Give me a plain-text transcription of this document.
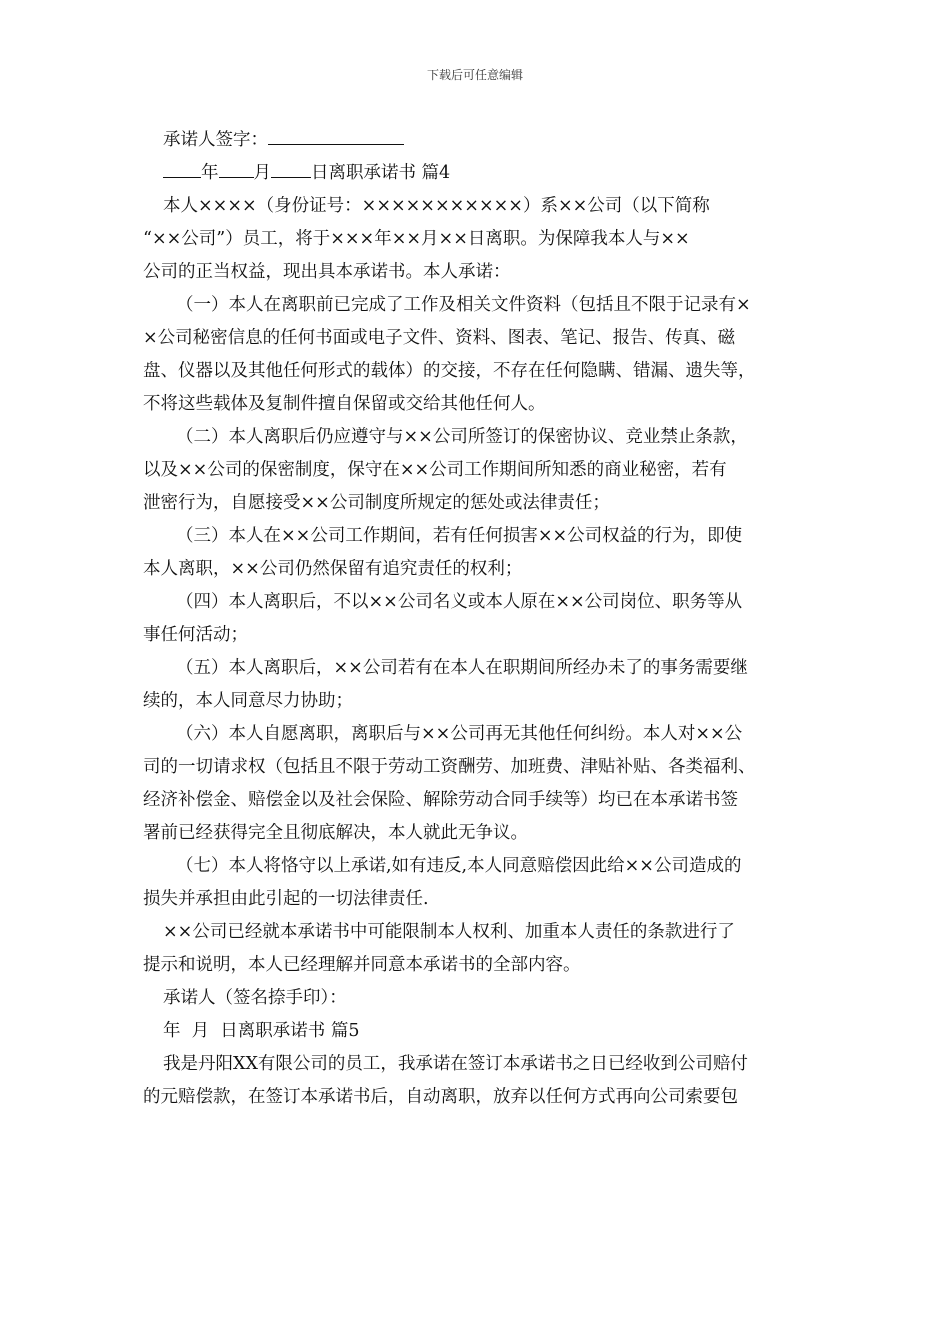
下载后可任意编辑

承诺人签字：

年 月 日离职承诺书 篇4

本人××××（身份证号：×××××××××××）系××公司（以下简称

“××公司”）员工，将于×××年××月××日离职。为保障我本人与××

公司的正当权益，现出具本承诺书。本人承诺：

（一）本人在离职前已完成了工作及相关文件资料（包括且不限于记录有×

×公司秘密信息的任何书面或电子文件、资料、图表、笔记、报告、传真、磁

盘、仪器以及其他任何形式的载体）的交接，不存在任何隐瞒、错漏、遗失等，

不将这些载体及复制件擅自保留或交给其他任何人。

（二）本人离职后仍应遵守与××公司所签订的保密协议、竞业禁止条款，

以及××公司的保密制度，保守在××公司工作期间所知悉的商业秘密，若有

泄密行为，自愿接受××公司制度所规定的惩处或法律责任；

（三）本人在××公司工作期间，若有任何损害××公司权益的行为，即使

本人离职，××公司仍然保留有追究责任的权利；

（四）本人离职后，不以××公司名义或本人原在××公司岗位、职务等从

事任何活动；

（五）本人离职后，××公司若有在本人在职期间所经办未了的事务需要继

续的，本人同意尽力协助；

（六）本人自愿离职，离职后与××公司再无其他任何纠纷。本人对××公

司的一切请求权（包括且不限于劳动工资酬劳、加班费、津贴补贴、各类福利、

经济补偿金、赔偿金以及社会保险、解除劳动合同手续等）均已在本承诺书签

署前已经获得完全且彻底解决，本人就此无争议。

（七）本人将恪守以上承诺,如有违反,本人同意赔偿因此给××公司造成的

损失并承担由此引起的一切法律责任.

××公司已经就本承诺书中可能限制本人权利、加重本人责任的条款进行了

提示和说明，本人已经理解并同意本承诺书的全部内容。

承诺人（签名捺手印）：

年  月  日离职承诺书 篇5

我是丹阳XX有限公司的员工，我承诺在签订本承诺书之日已经收到公司赔付

的元赔偿款，在签订本承诺书后，自动离职，放弃以任何方式再向公司索要包
